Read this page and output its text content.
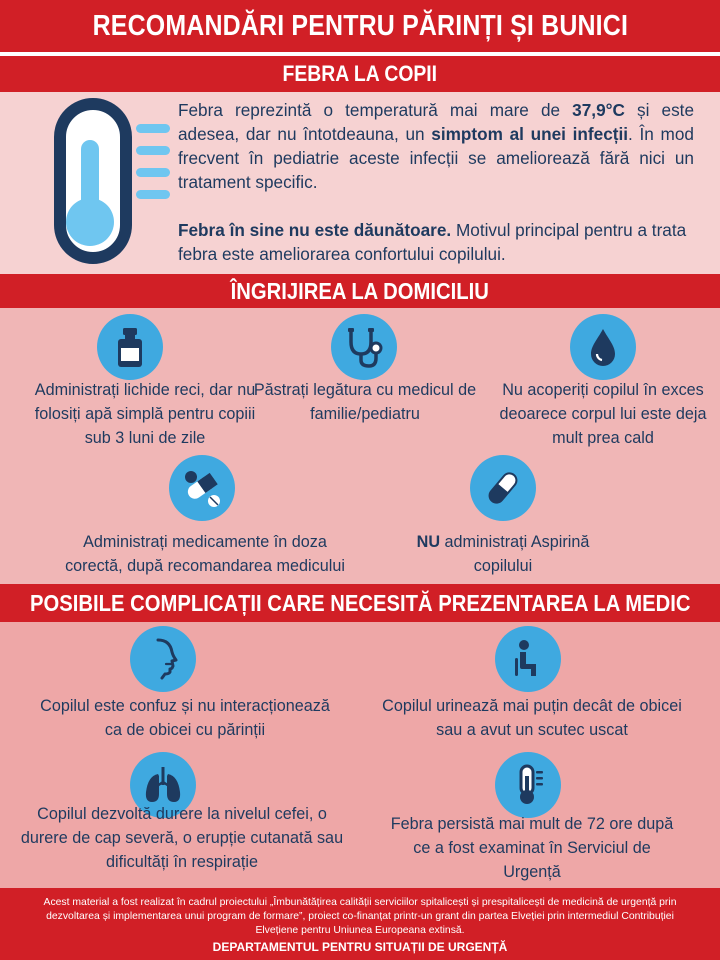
RECOMANDĂRI PENTRU PĂRINȚI ȘI BUNICI
FEBRA LA COPII

Febra reprezintă o temperatură mai mare de 37,9°C și este adesea, dar nu întotdeauna, un simptom al unei infecții. În mod frecvent în pediatrie aceste infecții se ameliorează fără nici un tratament specific.

Febra în sine nu este dăunătoare. Motivul principal pentru a trata febra este ameliorarea confortului copilului.

ÎNGRIJIREA LA DOMICILIU
Administrați lichide reci, dar nu folosiți apă simplă pentru copiii sub 3 luni de zile
Păstrați legătura cu medicul de familie/pediatru
Nu acoperiți copilul în exces deoarece corpul lui este deja mult prea cald
Administrați medicamente în doza corectă, după recomandarea medicului
NU administrați Aspirină copilului
POSIBILE COMPLICAȚII CARE NECESITĂ PREZENTAREA LA MEDIC
Copilul este confuz și nu interacționează ca de obicei cu părinții
Copilul urinează mai puțin decât de obicei sau a avut un scutec uscat
Copilul dezvoltă durere la nivelul cefei, o durere de cap severă, o erupție cutanată sau dificultăți în respirație
Febra persistă mai mult de 72 ore după ce a fost examinat în Serviciul de Urgență
Acest material a fost realizat în cadrul proiectului „Îmbunătățirea calității serviciilor spitalicești și prespitalicești de medicină de urgență prin dezvoltarea și implementarea unui program de formare”, proiect co-finanțat printr-un grant din partea Elveției prin intermediul Contribuției Elvețiene pentru Uniunea Europeana extinsă.
DEPARTAMENTUL PENTRU SITUAȚII DE URGENȚĂ
